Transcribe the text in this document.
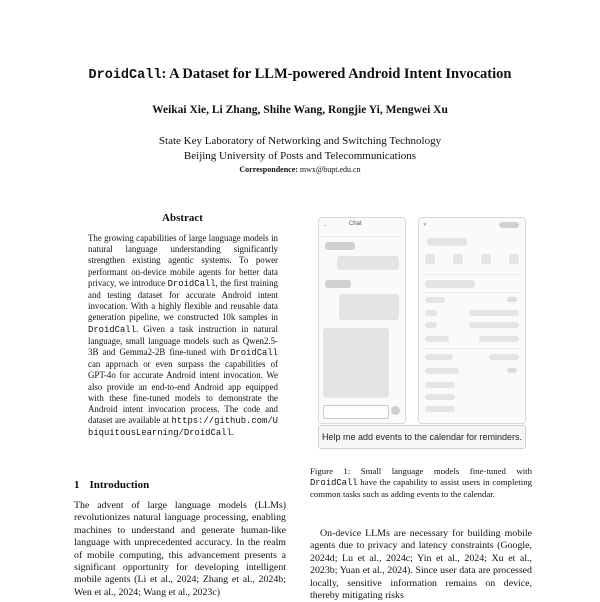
DroidCall: A Dataset for LLM-powered Android Intent Invocation
Weikai Xie, Li Zhang, Shihe Wang, Rongjie Yi, Mengwei Xu
State Key Laboratory of Networking and Switching Technology
Beijing University of Posts and Telecommunications
Correspondence: mwx@bupt.edu.cn
Abstract

The growing capabilities of large language models in natural language understanding significantly strengthen existing agentic systems. To power performant on-device mobile agents for better data privacy, we introduce DroidCall, the first training and testing dataset for accurate Android intent invocation. With a highly flexible and reusable data generation pipeline, we constructed 10k samples in DroidCall. Given a task instruction in natural language, small language models such as Qwen2.5-3B and Gemma2-2B fine-tuned with DroidCall can approach or even surpass the capabilities of GPT-4o for accurate Android intent invocation. We also provide an end-to-end Android app equipped with these fine-tuned models to demonstrate the Android intent invocation process. The code and dataset are available at https://github.com/UbiquitousLearning/DroidCall.

1 Introduction

The advent of large language models (LLMs) revolutionizes natural language processing, enabling machines to understand and generate human-like language with unprecedented accuracy. In the realm of mobile computing, this advancement presents a significant opportunity for developing intelligent mobile agents (Li et al., 2024; Zhang et al., 2024b; Wen et al., 2024; Wang et al., 2023c)

←	Chat	✕
Help me add events to the calendar for reminders.
Figure 1: Small language models fine-tuned with DroidCall have the capability to assist users in completing common tasks such as adding events to the calendar.

On-device LLMs are necessary for building mobile agents due to privacy and latency constraints (Google, 2024d; Lu et al., 2024c; Yin et al., 2024; Xu et al., 2023b; Yuan et al., 2024). Since user data are processed locally, sensitive information remains on device, thereby mitigating risks
